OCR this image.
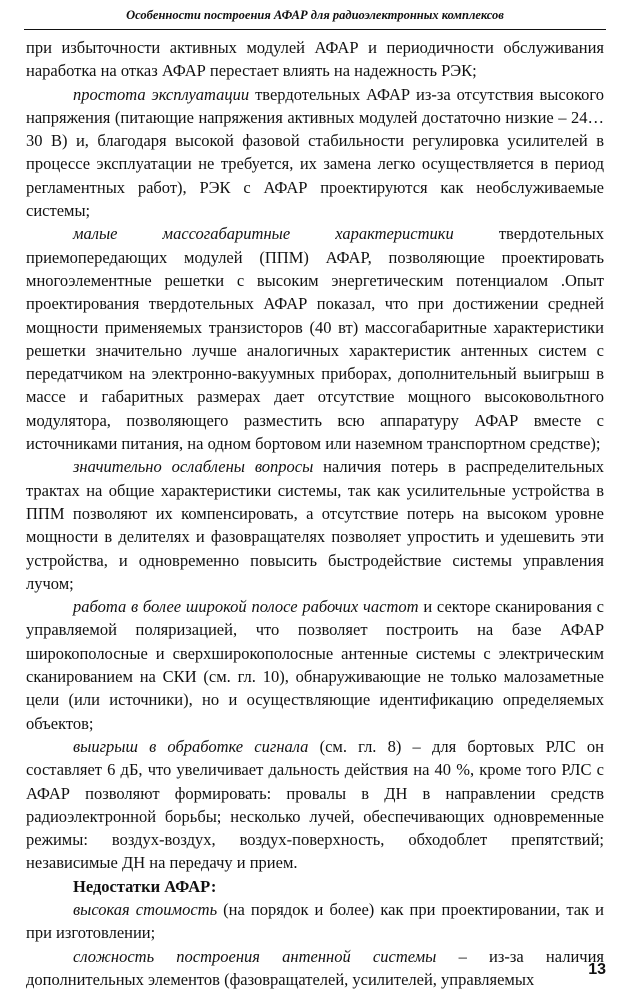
Особенности построения АФАР для радиоэлектронных комплексов

при избыточности активных модулей АФАР и периодичности обслуживания наработка на отказ АФАР перестает влиять на надежность РЭК;

простота эксплуатации твердотельных АФАР из-за отсутствия высокого напряжения (питающие напряжения активных модулей достаточно низкие – 24…30 В) и, благодаря высокой фазовой стабильности регулировка усилителей в процессе эксплуатации не требуется, их замена легко осуществляется в период регламентных работ), РЭК с АФАР проектируются как необслуживаемые системы;

малые массогабаритные характеристики твердотельных приемопередающих модулей (ППМ) АФАР, позволяющие проектировать многоэлементные решетки с высоким энергетическим потенциалом .Опыт проектирования твердотельных АФАР показал, что при достижении средней мощности применяемых транзисторов (40 вт) массогабаритные характеристики решетки значительно лучше аналогичных характеристик антенных систем с передатчиком на электронно-вакуумных приборах, дополнительный выигрыш в массе и габаритных размерах дает отсутствие мощного высоковольтного модулятора, позволяющего разместить всю аппаратуру АФАР вместе с источниками питания, на одном бортовом или наземном транспортном средстве);

значительно ослаблены вопросы наличия потерь в распределительных трактах на общие характеристики системы, так как усилительные устройства в ППМ позволяют их компенсировать, а отсутствие потерь на высоком уровне мощности в делителях и фазовращателях позволяет упростить и удешевить эти устройства, и одновременно повысить быстродействие системы управления лучом;

работа в более широкой полосе рабочих частот и секторе сканирования с управляемой поляризацией, что позволяет построить на базе АФАР широкополосные и сверхширокополосные антенные системы с электрическим сканированием на СКИ (см. гл. 10), обнаруживающие не только малозаметные цели (или источники), но и осуществляющие идентификацию определяемых объектов;

выигрыш в обработке сигнала (см. гл. 8) – для бортовых РЛС он составляет 6 дБ, что увеличивает дальность действия на 40 %, кроме того РЛС с АФАР позволяют формировать: провалы в ДН в направлении средств радиоэлектронной борьбы; несколько лучей, обеспечивающих одновременные режимы: воздух-воздух, воздух-поверхность, обходоблет препятствий; независимые ДН на передачу и прием.

Недостатки АФАР:

высокая стоимость (на порядок и более) как при проектировании, так и при изготовлении;

сложность построения антенной системы – из-за наличия дополнительных элементов (фазовращателей, усилителей, управляемых

13
